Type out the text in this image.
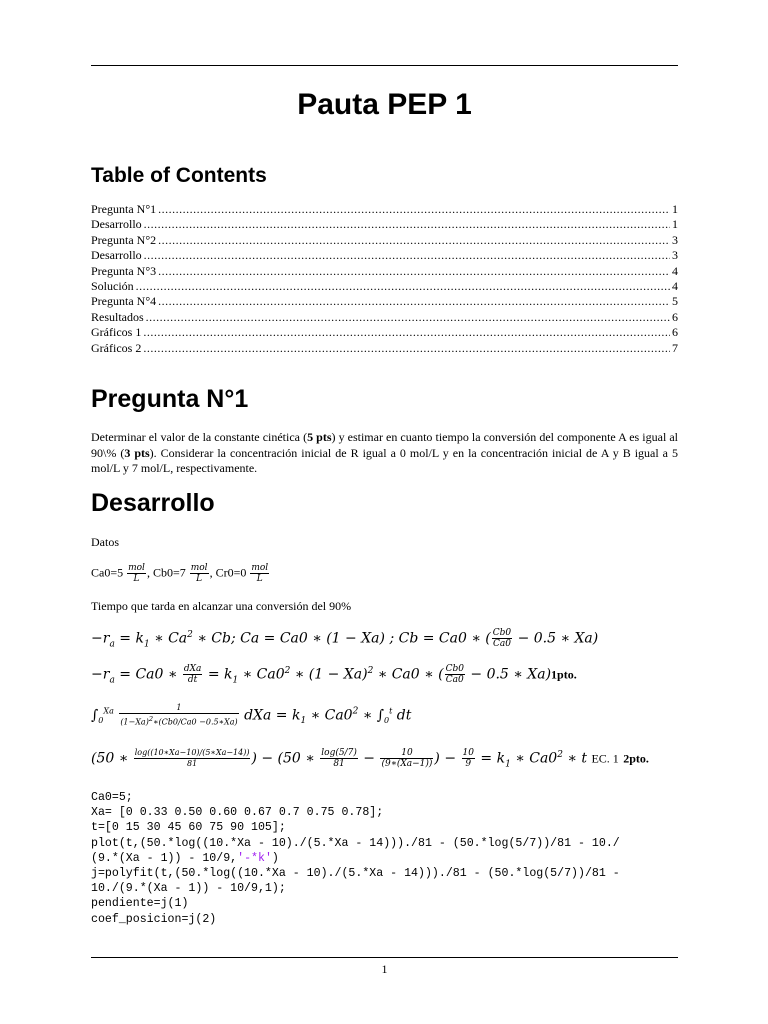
Pauta PEP 1
Table of Contents
Pregunta N°1 .....	1
Desarrollo .....	1
Pregunta N°2 .....	3
Desarrollo .....	3
Pregunta N°3 .....	4
Solución .....	4
Pregunta N°4 .....	5
Resultados .....	6
Gráficos 1 .....	6
Gráficos 2 .....	7
Pregunta N°1

Determinar el valor de la constante cinética (5 pts) y estimar en cuanto tiempo la conversión del componente A es igual al 90\% (3 pts). Considerar la concentración inicial de R igual a 0 mol/L y en la concentración inicial de A y B igual a 5 mol/L y 7 mol/L, respectivamente.

Desarrollo

Datos

$Ca0=5 \frac{\text{mol}}{L}$ , $Cb0=7 \frac{\text{mol}}{L}$ , $Cr0=0 \frac{\text{mol}}{L}$

Tiempo que tarda en alcanzar una conversión del 90%

$-r_a = k_1$ ∗ Ca$^2$ ∗ Cb; Ca = Ca0 ∗ (1 − Xa) ; Cb = Ca0 ∗ ( $\frac{Cb0}{Ca0} - 0.5$ ∗ Xa)
$-r_a = Ca0$ ∗ $\frac{\text{dXa}}{dt} = k_1$ ∗ $Ca0^2$ ∗ $(1 - Xa)^2$ ∗ Ca0 ∗ ( $\frac{Cb0}{Ca0} - 0.5$ ∗ Xa)1pto.
$\int_0^{Xa} \frac{1}{(1-Xa)^2∗(Cb0/Ca0 -0.5∗Xa)}$ dXa = $k_1$ ∗ $Ca0^2$ ∗ $\int_0^t$ dt
(50 ∗ $\frac{\log((10∗Xa-10)/(5∗Xa-14))}{81}$ ) − (50 ∗ $\frac{\log(5/7)}{81} - \frac{10}{(9∗(Xa-1))}$ ) − $\frac{10}{9} = k_1$ ∗ $Ca0^2$ ∗ t EC. 1 2pto.
Ca0=5;
Xa= [0 0.33 0.50 0.60 0.67 0.7 0.75 0.78];
t=[0 15 30 45 60 75 90 105];
plot(t,(50.*log((10.*Xa - 10)./(5.*Xa - 14)))./81 - (50.*log(5/7))/81 - 10./
(9.*(Xa - 1)) - 10/9,'-*k')
j=polyfit(t,(50.*log((10.*Xa - 10)./(5.*Xa - 14)))./81 - (50.*log(5/7))/81 -
10./(9.*(Xa - 1)) - 10/9,1);
pendiente=j(1)
coef_posicion=j(2)
1
